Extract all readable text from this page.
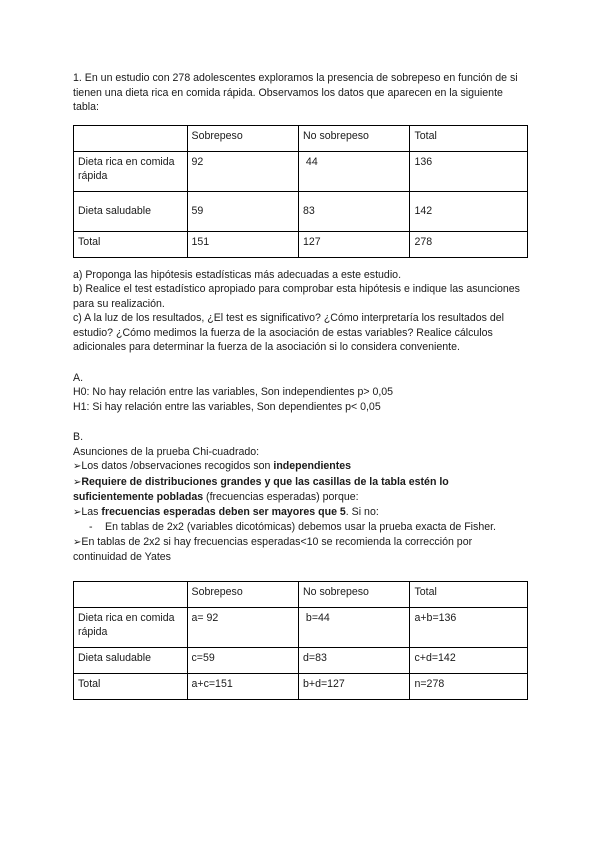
1. En un estudio con 278 adolescentes exploramos la presencia de sobrepeso en función de si tienen una dieta rica en comida rápida. Observamos los datos que aparecen en la siguiente tabla:

	Sobrepeso	No sobrepeso	Total
Dieta rica en comida rápida	92	44	136
Dieta saludable	59	83	142
Total	151	127	278

a) Proponga las hipótesis estadísticas más adecuadas a este estudio.

b) Realice el test estadístico apropiado para comprobar esta hipótesis e indique las asunciones para su realización.

c) A la luz de los resultados, ¿El test es significativo? ¿Cómo interpretaría los resultados del estudio? ¿Cómo medimos la fuerza de la asociación de estas variables? Realice cálculos adicionales para determinar la fuerza de la asociación si lo considera conveniente.

A.

H0: No hay relación entre las variables, Son independientes p> 0,05

H1: Si hay relación entre las variables, Son dependientes p< 0,05

B.

Asunciones de la prueba Chi-cuadrado:

➢Los datos /observaciones recogidos son independientes

➢Requiere de distribuciones grandes y que las casillas de la tabla estén lo suficientemente pobladas (frecuencias esperadas) porque:

➢Las frecuencias esperadas deben ser mayores que 5. Si no:

- En tablas de 2x2 (variables dicotómicas) debemos usar la prueba exacta de Fisher.

➢En tablas de 2x2 si hay frecuencias esperadas<10 se recomienda la corrección por continuidad de Yates

	Sobrepeso	No sobrepeso	Total
Dieta rica en comida rápida	a= 92	b=44	a+b=136
Dieta saludable	c=59	d=83	c+d=142
Total	a+c=151	b+d=127	n=278
